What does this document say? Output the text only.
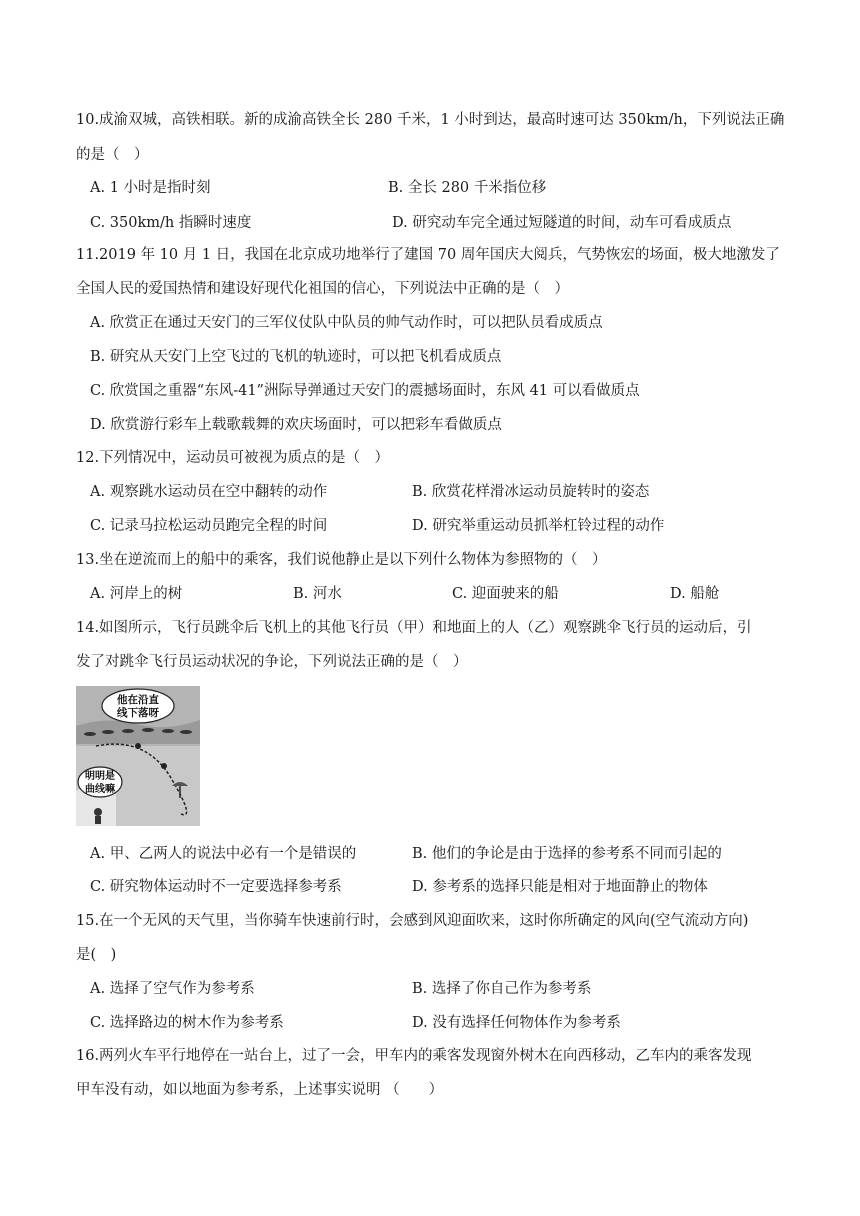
10.成渝双城，高铁相联。新的成渝高铁全长 280 千米，1 小时到达，最高时速可达 350km/h，下列说法正确
的是（　）
A. 1 小时是指时刻	B. 全长 280 千米指位移
C. 350km/h 指瞬时速度	D. 研究动车完全通过短隧道的时间，动车可看成质点
11.2019 年 10 月 1 日，我国在北京成功地举行了建国 70 周年国庆大阅兵，气势恢宏的场面，极大地激发了
全国人民的爱国热情和建设好现代化祖国的信心，下列说法中正确的是（　）
A. 欣赏正在通过天安门的三军仪仗队中队员的帅气动作时，可以把队员看成质点
B. 研究从天安门上空飞过的飞机的轨迹时，可以把飞机看成质点
C. 欣赏国之重器“东风-41”洲际导弹通过天安门的震撼场面时，东风 41 可以看做质点
D. 欣赏游行彩车上载歌载舞的欢庆场面时，可以把彩车看做质点
12.下列情况中，运动员可被视为质点的是（　）
A. 观察跳水运动员在空中翻转的动作	B. 欣赏花样滑冰运动员旋转时的姿态
C. 记录马拉松运动员跑完全程的时间	D. 研究举重运动员抓举杠铃过程的动作
13.坐在逆流而上的船中的乘客，我们说他静止是以下列什么物体为参照物的（　）
A. 河岸上的树	B. 河水	C. 迎面驶来的船	D. 船舱
14.如图所示，飞行员跳伞后飞机上的其他飞行员（甲）和地面上的人（乙）观察跳伞飞行员的运动后，引
发了对跳伞飞行员运动状况的争论，下列说法正确的是（　）
他在沿直
线下落呀
明明是
曲线嘛
A. 甲、乙两人的说法中必有一个是错误的	B. 他们的争论是由于选择的参考系不同而引起的
C. 研究物体运动时不一定要选择参考系	D. 参考系的选择只能是相对于地面静止的物体
15.在一个无风的天气里，当你骑车快速前行时，会感到风迎面吹来，这时你所确定的风向(空气流动方向)
是(　)
A. 选择了空气作为参考系	B. 选择了你自己作为参考系
C. 选择路边的树木作为参考系	D. 没有选择任何物体作为参考系
16.两列火车平行地停在一站台上，过了一会，甲车内的乘客发现窗外树木在向西移动，乙车内的乘客发现
甲车没有动，如以地面为参考系，上述事实说明 （　　）
